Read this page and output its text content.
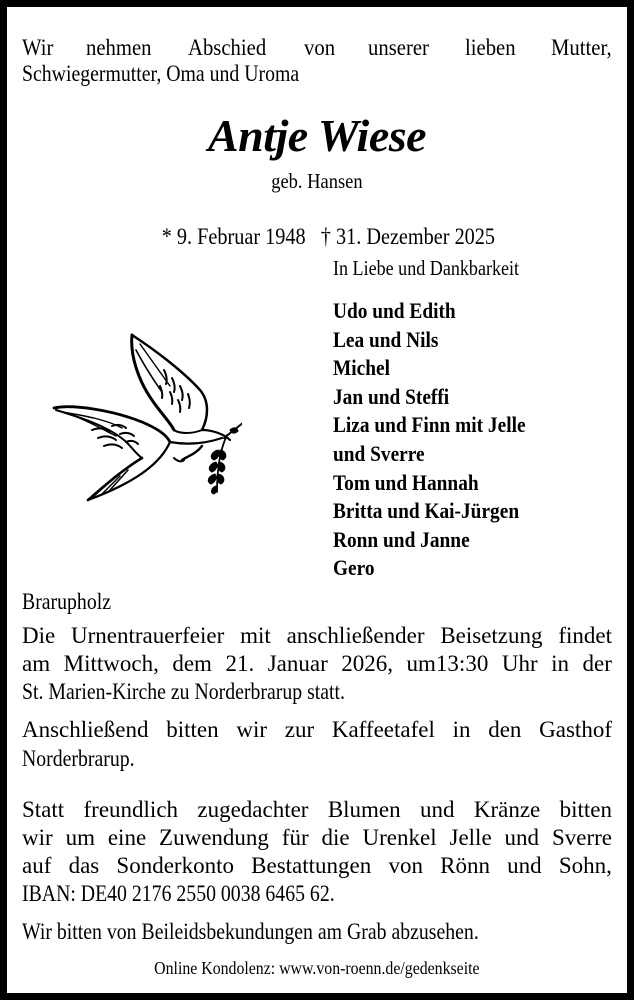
Wir nehmen Abschied von unserer lieben Mutter,
Schwiegermutter, Oma und Uroma
Antje Wiese
geb. Hansen

* 9. Februar 1948   † 31. Dezember 2025

In Liebe und Dankbarkeit
Udo und Edith
Lea und Nils
Michel
Jan und Steffi
Liza und Finn mit Jelle
und Sverre
Tom und Hannah
Britta und Kai-Jürgen
Ronn und Janne
Gero
Brarupholz
Die Urnentrauerfeier mit anschließender Beisetzung findet
am Mittwoch, dem 21. Januar 2026, um13:30 Uhr in der
St. Marien-Kirche zu Norderbrarup statt.
Anschließend bitten wir zur Kaffeetafel in den Gasthof
Norderbrarup.
Statt freundlich zugedachter Blumen und Kränze bitten
wir um eine Zuwendung für die Urenkel Jelle und Sverre
auf das Sonderkonto Bestattungen von Rönn und Sohn,
IBAN: DE40 2176 2550 0038 6465 62.
Wir bitten von Beileidsbekundungen am Grab abzusehen.
Online Kondolenz: www.von-roenn.de/gedenkseite
